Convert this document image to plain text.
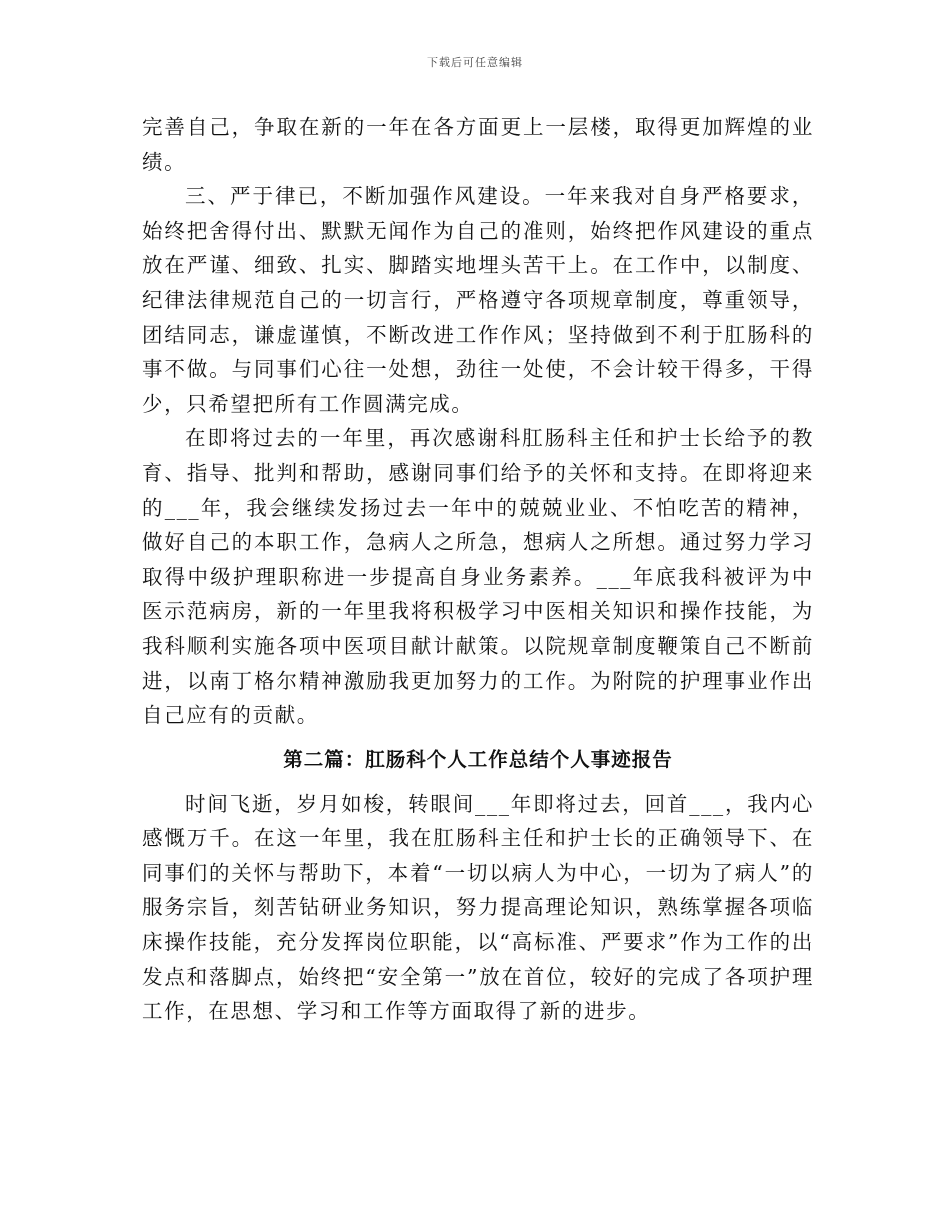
下载后可任意编辑

完善自己，争取在新的一年在各方面更上一层楼，取得更加辉煌的业绩。

三、严于律已，不断加强作风建设。一年来我对自身严格要求，始终把舍得付出、默默无闻作为自己的准则，始终把作风建设的重点放在严谨、细致、扎实、脚踏实地埋头苦干上。在工作中，以制度、纪律法律规范自己的一切言行，严格遵守各项规章制度，尊重领导，团结同志，谦虚谨慎，不断改进工作作风；坚持做到不利于肛肠科的事不做。与同事们心往一处想，劲往一处使，不会计较干得多，干得少，只希望把所有工作圆满完成。

在即将过去的一年里，再次感谢科肛肠科主任和护士长给予的教育、指导、批判和帮助，感谢同事们给予的关怀和支持。在即将迎来的___年，我会继续发扬过去一年中的兢兢业业、不怕吃苦的精神，做好自己的本职工作，急病人之所急，想病人之所想。通过努力学习取得中级护理职称进一步提高自身业务素养。___年底我科被评为中医示范病房，新的一年里我将积极学习中医相关知识和操作技能，为我科顺利实施各项中医项目献计献策。以院规章制度鞭策自己不断前进，以南丁格尔精神激励我更加努力的工作。为附院的护理事业作出自己应有的贡献。

第二篇：肛肠科个人工作总结个人事迹报告

时间飞逝，岁月如梭，转眼间___年即将过去，回首___，我内心感慨万千。在这一年里，我在肛肠科主任和护士长的正确领导下、在同事们的关怀与帮助下，本着“一切以病人为中心，一切为了病人”的服务宗旨，刻苦钻研业务知识，努力提高理论知识，熟练掌握各项临床操作技能，充分发挥岗位职能，以“高标准、严要求”作为工作的出发点和落脚点，始终把“安全第一”放在首位，较好的完成了各项护理工作，在思想、学习和工作等方面取得了新的进步。
